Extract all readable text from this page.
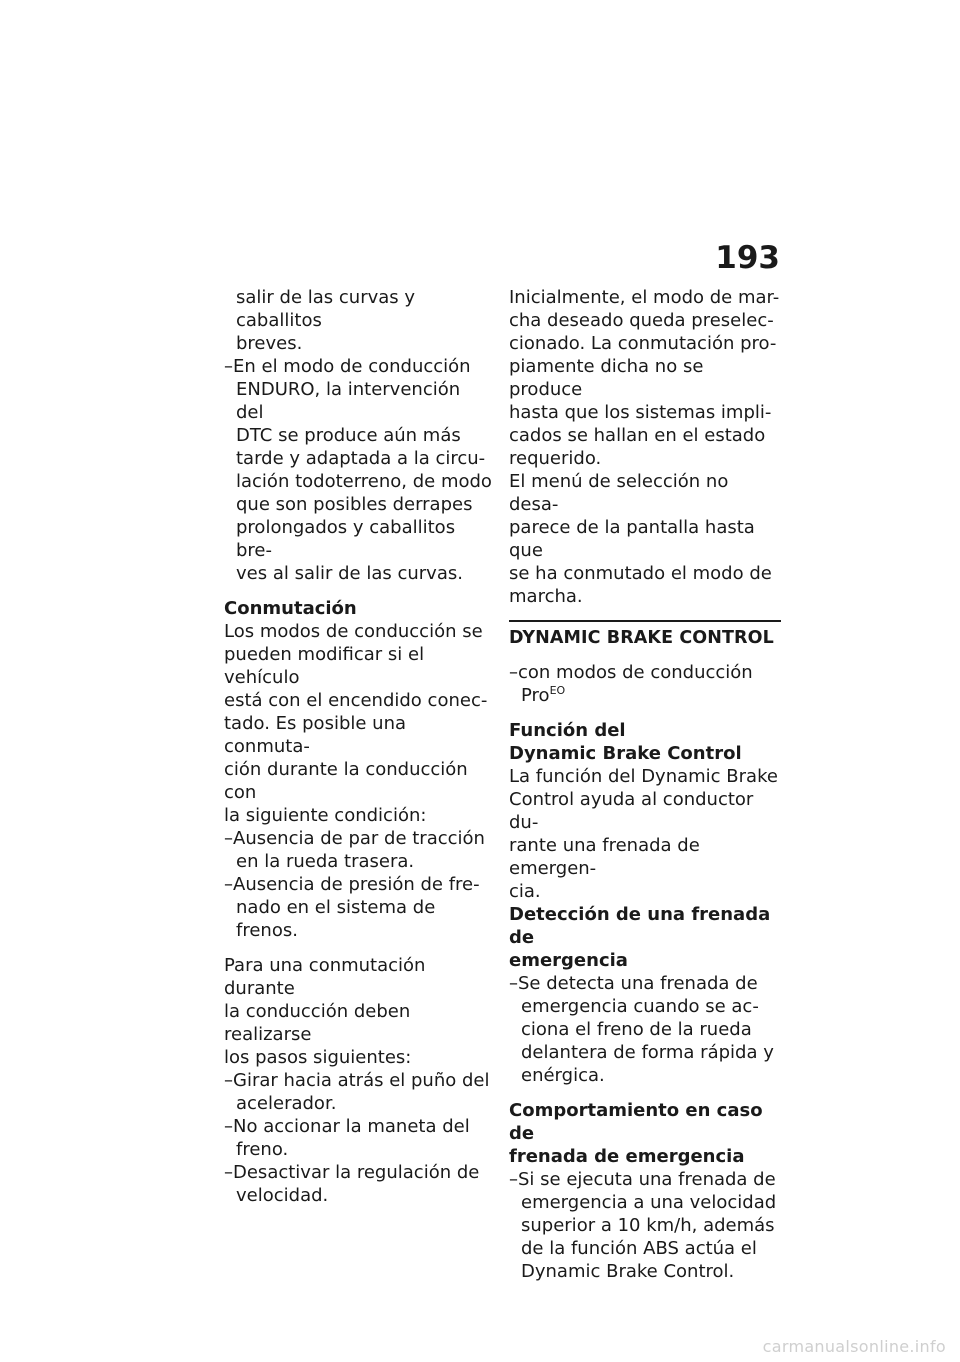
193
salir de las curvas y caballitos
breves.
–En el modo de conducción
ENDURO, la intervención del
DTC se produce aún más
tarde y adaptada a la circu-
lación todoterreno, de modo
que son posibles derrapes
prolongados y caballitos bre-
ves al salir de las curvas.
Conmutación
Los modos de conducción se
pueden modificar si el vehículo
está con el encendido conec-
tado. Es posible una conmuta-
ción durante la conducción con
la siguiente condición:
–Ausencia de par de tracción
en la rueda trasera.
–Ausencia de presión de fre-
nado en el sistema de frenos.
Para una conmutación durante
la conducción deben realizarse
los pasos siguientes:
–Girar hacia atrás el puño del
acelerador.
–No accionar la maneta del
freno.
–Desactivar la regulación de
velocidad.
Inicialmente, el modo de mar-
cha deseado queda preselec-
cionado. La conmutación pro-
piamente dicha no se produce
hasta que los sistemas impli-
cados se hallan en el estado
requerido.
El menú de selección no desa-
parece de la pantalla hasta que
se ha conmutado el modo de
marcha.
DYNAMIC BRAKE CONTROL
–con modos de conducción
Pro$^{EO}$
Función del
Dynamic Brake Control
La función del Dynamic Brake
Control ayuda al conductor du-
rante una frenada de emergen-
cia.
Detección de una frenada de
emergencia
–Se detecta una frenada de
emergencia cuando se ac-
ciona el freno de la rueda
delantera de forma rápida y
enérgica.
Comportamiento en caso de
frenada de emergencia
–Si se ejecuta una frenada de
emergencia a una velocidad
superior a 10 km/h, además
de la función ABS actúa el
Dynamic Brake Control.
carmanualsonline.info
